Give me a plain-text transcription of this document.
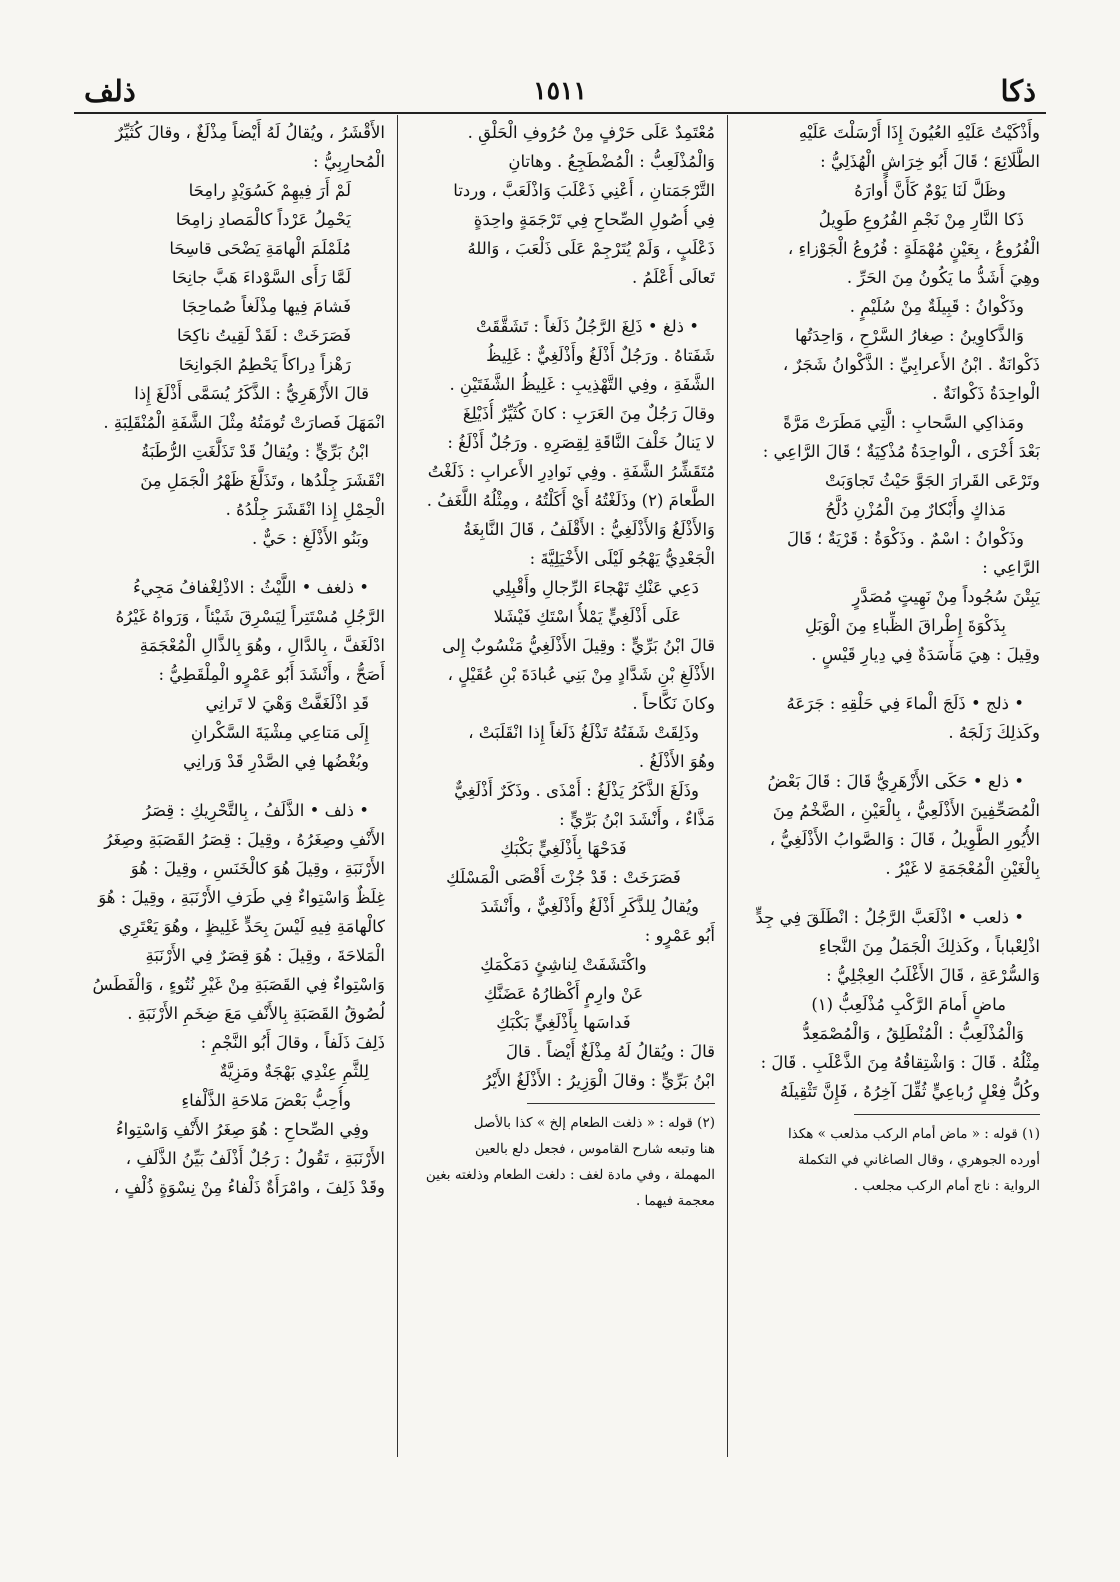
ذكا
١٥١١
ذلف
وأَذْكَيْتُ عَلَيْهِ العُيُونَ إِذَا أَرْسَلْتَ عَلَيْهِ
الطَّلَائِعَ ؛ قَالَ أَبُو خِرَاشٍ الْهُذَلِيُّ :
وظَلَّ لَنَا يَوْمٌ كَأَنَّ أُوارَهُ
ذَكا النَّارِ مِنْ نَجْمِ الفُرُوعِ طَوِيلُ
الْفُرُوعُ ، بِعَيْنٍ مُهْمَلَةٍ : فُرُوعُ الْجَوْزاءِ ،
وهِيَ أَشَدُّ ما يَكُونُ مِنَ الحَرِّ .
وذَكْوانُ : قَبِيلَةٌ مِنْ سُلَيْمٍ .
وَالذَّكاوِينُ : صِغارُ السَّرْحِ ، وَاحِدَتُها
ذَكْوانَةٌ . ابْنُ الأَعرابِيِّ : الذَّكْوانُ شَجَرٌ ،
الْواحِدَةُ ذَكْوانَةٌ .
ومَذاكِي السَّحابِ : الَّتِي مَطَرَتْ مَرَّةً
بَعْدَ أُخْرَى ، الْواحِدَةُ مُذْكِيَةٌ ؛ قَالَ الرَّاعِي :
وتَرْعَى القَرارَ الجَوَّ حَيْثُ تَجاوَبَتْ
مَذاكٍ وأَبْكارٌ مِنَ الْمُزْنِ دُلَّحُ
وذَكْوانُ : اسْمٌ . وذَكْوَةُ : قَرْيَةٌ ؛ قَالَ
الرَّاعِي :
يَبِتْنَ سُجُوداً مِنْ نَهِيتٍ مُصَدَّرٍ
بِذَكْوَةَ إِطْراقَ الظِّباءِ مِنَ الْوَبَلِ
وقِيلَ : هِيَ مَأْسَدَةٌ فِي دِيارِ قَيْسٍ .
• ذلج • ذَلَجَ الْماءَ فِي حَلْقِهِ : جَرَعَهُ
وكَذلِكَ زَلَجَهُ .
• ذلع • حَكَى الأَزْهَرِيُّ قَالَ : قَالَ بَعْضُ
الْمُصَحِّفِينَ الأَذْلَعِيُّ ، بِالْعَيْنِ ، الضَّخْمُ مِنَ
الأُيُورِ الطَّوِيلُ ، قَالَ : وَالصَّوابُ الأَذْلَغِيُّ ،
بِالْغَيْنِ الْمُعْجَمَةِ لا غَيْرُ .
• ذلعب • اذْلَعَبَّ الرَّجُلُ : انْطَلَقَ فِي جِدٍّ
اذْلِعْباباً ، وكَذلِكَ الْجَمَلُ مِنَ النَّجاءِ
وَالسُّرْعَةِ ، قَالَ الأَغْلَبُ العِجْلِيُّ :
ماضٍ أَمامَ الرَّكْبِ مُذْلَعِبُّ (١)
وَالْمُذْلَعِبُّ : الْمُنْطَلِقُ ، وَالْمُصْمَعِدُّ
مِثْلُهُ . قَالَ : وَاشْتِقاقُهُ مِنَ الذَّعْلَبِ . قَالَ :
وكُلُّ فِعْلٍ رُباعِيٍّ ثُقِّلَ آخِرُهُ ، فَإِنَّ تَثْقِيلَهُ
(١) قوله : « ماض أمام الركب مذلعب » هكذا
أورده الجوهري ، وقال الصاغاني في التكملة
الرواية : ناج أمام الركب مجلعب .
مُعْتَمِدٌ عَلَى حَرْفٍ مِنْ حُرُوفِ الْحَلْقِ .
وَالْمُذْلَعِبُّ : الْمُضْطَجِعُ . وهاتانِ
التَّرْجَمَتانِ ، أَعْنِي ذَعْلَبَ وَاذْلَعَبَّ ، وردتا
فِي أُصُولِ الصِّحاحِ فِي تَرْجَمَةٍ واحِدَةٍ
ذَعْلَبٍ ، وَلَمْ يُتَرْجِمْ عَلَى ذَلْعَبَ ، وَاللهُ
تَعالَى أَعْلَمُ .
• ذلغ • ذَلِغَ الرَّجُلُ ذَلَغاً : تَشَقَّقَتْ
شَفَتاهُ . ورَجُلٌ أَذْلَغُ وأَذْلَغِيٌّ : غَلِيظُ
الشَّفَةِ ، وفِي التَّهْذِيبِ : غَلِيظُ الشَّفَتَيْنِ .
وقالَ رَجُلٌ مِنَ العَرَبِ : كانَ كُثَيِّرٌ أُذَيْلِغَ
لا يَنالُ خَلْفَ النَّاقَةِ لِقِصَرِهِ . ورَجُلٌ أَذْلَغُ :
مُتَقَشِّرُ الشَّفَةِ . وفِي نَوادِرِ الأَعرابِ : ذَلَغْتُ
الطَّعامَ (٢) وذَلَغْتُهُ أَيْ أَكَلْتُهُ ، ومِثْلُهُ اللَّغَفُ .
وَالأَذْلَغُ وَالأَذْلَغِيُّ : الأَقْلَفُ ، قَالَ النَّابِغَةُ
الْجَعْدِيُّ يَهْجُو لَيْلَى الأَخْيَلِيَّةَ :
دَعِي عَنْكِ تَهْجاءَ الرِّجالِ وأَقْبِلِي
عَلَى أَذْلَغِيٍّ يَمْلأُ اسْتَكِ فَيْشَلا
قالَ ابْنُ بَرِّيٍّ : وقِيلَ الأَذْلَغِيُّ مَنْسُوبٌ إِلى
الأَذْلَغِ بْنِ شَدَّادٍ مِنْ بَنِي عُبادَةَ بْنِ عُقَيْلٍ ،
وكانَ نَكَّاحاً .
وذَلِقَتْ شَفَتُهُ تَذْلَغُ ذَلَغاً إِذا انْقَلَبَتْ ،
وهُوَ الأَذْلَغُ .
وذَلَغَ الذَّكَرُ يَذْلَغُ : أَمْذَى . وذَكَرٌ أَذْلَغِيٌّ
مَذَّاءٌ ، وأَنْشَدَ ابْنُ بَرِّيٍّ :
فَدَحْهَا بِأَذْلَغِيٍّ بَكْبَكِ
فَصَرَخَتْ : قَدْ جُزْتَ أَقْصَى الْمَسْلَكِ
ويُقالُ لِلذَّكَرِ أَذْلَغُ وأَذْلَغِيٌّ ، وأَنْشَدَ
أَبُو عَمْرٍو :
واكْتَشَفَتْ لِناشِئٍ دَمَكْمَكِ
عَنْ وارِمٍ أَكْظارُهُ عَضَنَّكِ
فَداسَها بِأَذْلَغِيٍّ بَكْبَكِ
قالَ : ويُقالُ لَهُ مِذْلَغٌ أَيْضاً . قالَ
ابْنُ بَرِّيٍّ : وقالَ الْوَزِيرُ : الأَذْلَغُ الأَيْرُ
(٢) قوله : « ذلغت الطعام إلخ » كذا بالأصل
هنا وتبعه شارح القاموس ، فجعل دلع بالعين
المهملة ، وفي مادة لغف : دلغت الطعام وذلغته بغين
معجمة فيهما .
الأَقْشَرُ ، ويُقالُ لَهُ أَيْضاً مِذْلَغٌ ، وقالَ كُثَيِّرٌ
الْمُحارِبِيُّ :
لَمْ أَرَ فِيهِمْ كَسُوَيْدٍ رامِحَا
يَحْمِلُ عَرْداً كالْمَصادِ زامِحَا
مُلَمْلَمَ الْهامَةِ يَضْحَى قاسِحَا
لَمَّا رَأَى السَّوْداءَ هَبَّ جانِحَا
فَشامَ فِيها مِذْلَغاً صُماحِجَا
فَصَرَخَتْ : لَقَدْ لَقِيتُ ناكِحَا
رَهْزاً دِراكاً يَحْطِمُ الجَوانِحَا
قالَ الأَزْهَرِيُّ : الذَّكَرُ يُسَمَّى أَذْلَغَ إِذا
انْمَهَلَ فَصارَتْ تُومَتُهُ مِثْلَ الشَّفَةِ الْمُنْقَلِبَةِ .
ابْنُ بَرِّيٍّ : ويُقالُ قَدْ تَذَلَّغَتِ الرُّطَبَةُ
انْقَشَرَ جِلْدُها ، وتَذَلَّغَ ظَهْرُ الْجَمَلِ مِنَ
الْحِمْلِ إِذا انْقَشَرَ جِلْدُهُ .
وبَنُو الأَذْلَغِ : حَيٌّ .
• ذلغف • اللَّيْثُ : الاذْلِغْفافُ مَجِيءُ
الرَّجُلِ مُسْتَتِراً لِيَسْرِقَ شَيْئاً ، وَرَواهُ غَيْرُهُ
ادْلَغَفَّ ، بِالدَّالِ ، وهُوَ بِالذَّالِ الْمُعْجَمَةِ
أَصَحُّ ، وأَنْشَدَ أَبُو عَمْرٍو الْمِلْقَطِيُّ :
قَدِ اذْلَغَفَّتْ وَهْيَ لا تَرانِي
إِلَى مَتاعِي مِشْيَةَ السَّكْرانِ
وبُغْضُها فِي الصَّدْرِ قَدْ وَرانِي
• ذلف • الذَّلَفُ ، بِالتَّحْرِيكِ : قِصَرُ
الأَنْفِ وصِغَرُهُ ، وقِيلَ : قِصَرُ القَصَبَةِ وصِغَرُ
الأَرْنَبَةِ ، وقِيلَ هُوَ كالْخَنَسِ ، وقِيلَ : هُوَ
غِلَظٌ وَاسْتِواءٌ فِي طَرَفِ الأَرْنَبَةِ ، وقِيلَ : هُوَ
كالْهامَةِ فِيهِ لَيْسَ بِحَدٍّ غَلِيظٍ ، وهُوَ يَعْتَرِي
الْمَلاحَةَ ، وقِيلَ : هُوَ قِصَرٌ فِي الأَرْنَبَةِ
وَاسْتِواءٌ فِي القَصَبَةِ مِنْ غَيْرِ نُتُوءٍ ، وَالْفَطَسُ
لُصُوقُ القَصَبَةِ بِالأَنْفِ مَعَ ضِخَمِ الأَرْنَبَةِ .
ذَلِفَ ذَلَفاً ، وقالَ أَبُو النَّجْمِ :
لِلثَّمِ عِنْدِي بَهْجَةٌ ومَزِيَّةٌ
وأُحِبُّ بَعْضَ مَلاحَةِ الذَّلْفاءِ
وفِي الصِّحاحِ : هُوَ صِغَرُ الأَنْفِ وَاسْتِواءُ
الأَرْنَبَةِ ، تَقُولُ : رَجُلٌ أَذْلَفُ بَيِّنُ الذَّلَفِ ،
وقَدْ ذَلِفَ ، وامْرَأَةٌ ذَلْفاءُ مِنْ نِسْوَةٍ ذُلْفٍ ،
